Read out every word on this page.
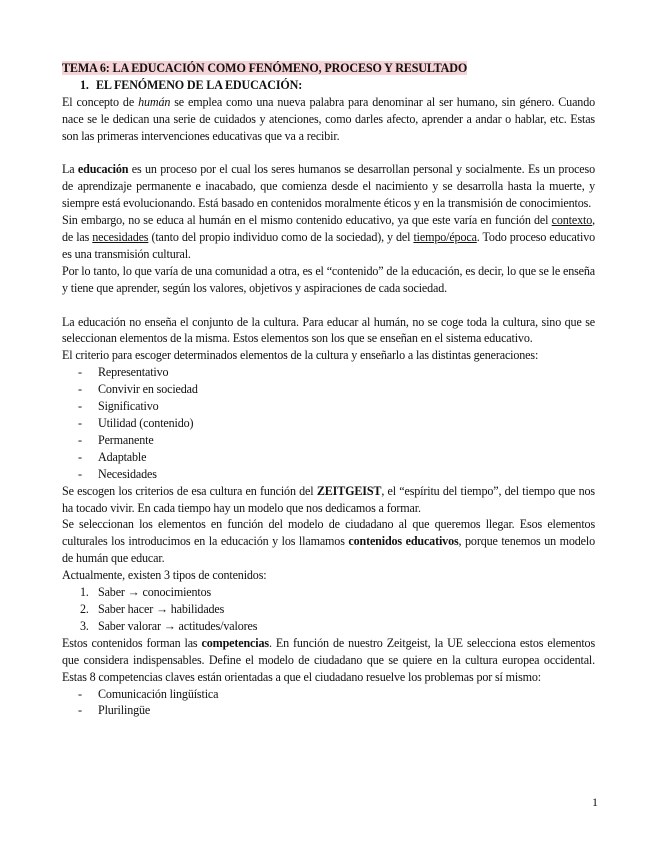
TEMA 6: LA EDUCACIÓN COMO FENÓMENO, PROCESO Y RESULTADO

1. EL FENÓMENO DE LA EDUCACIÓN:

El concepto de humán se emplea como una nueva palabra para denominar al ser humano, sin género. Cuando nace se le dedican una serie de cuidados y atenciones, como darles afecto, aprender a andar o hablar, etc. Estas son las primeras intervenciones educativas que va a recibir.

La educación es un proceso por el cual los seres humanos se desarrollan personal y socialmente. Es un proceso de aprendizaje permanente e inacabado, que comienza desde el nacimiento y se desarrolla hasta la muerte, y siempre está evolucionando. Está basado en contenidos moralmente éticos y en la transmisión de conocimientos.

Sin embargo, no se educa al humán en el mismo contenido educativo, ya que este varía en función del contexto, de las necesidades (tanto del propio individuo como de la sociedad), y del tiempo/época. Todo proceso educativo es una transmisión cultural.

Por lo tanto, lo que varía de una comunidad a otra, es el “contenido” de la educación, es decir, lo que se le enseña y tiene que aprender, según los valores, objetivos y aspiraciones de cada sociedad.

La educación no enseña el conjunto de la cultura. Para educar al humán, no se coge toda la cultura, sino que se seleccionan elementos de la misma. Estos elementos son los que se enseñan en el sistema educativo.

El criterio para escoger determinados elementos de la cultura y enseñarlo a las distintas generaciones:

- Representativo
- Convivir en sociedad
- Significativo
- Utilidad (contenido)
- Permanente
- Adaptable
- Necesidades

Se escogen los criterios de esa cultura en función del ZEITGEIST, el “espíritu del tiempo”, del tiempo que nos ha tocado vivir. En cada tiempo hay un modelo que nos dedicamos a formar.

Se seleccionan los elementos en función del modelo de ciudadano al que queremos llegar. Esos elementos culturales los introducimos en la educación y los llamamos contenidos educativos, porque tenemos un modelo de humán que educar.

Actualmente, existen 3 tipos de contenidos:

1. Saber → conocimientos
2. Saber hacer → habilidades
3. Saber valorar → actitudes/valores

Estos contenidos forman las competencias. En función de nuestro Zeitgeist, la UE selecciona estos elementos que considera indispensables. Define el modelo de ciudadano que se quiere en la cultura europea occidental. Estas 8 competencias claves están orientadas a que el ciudadano resuelve los problemas por sí mismo:

- Comunicación lingüística
- Plurilingüe
1
